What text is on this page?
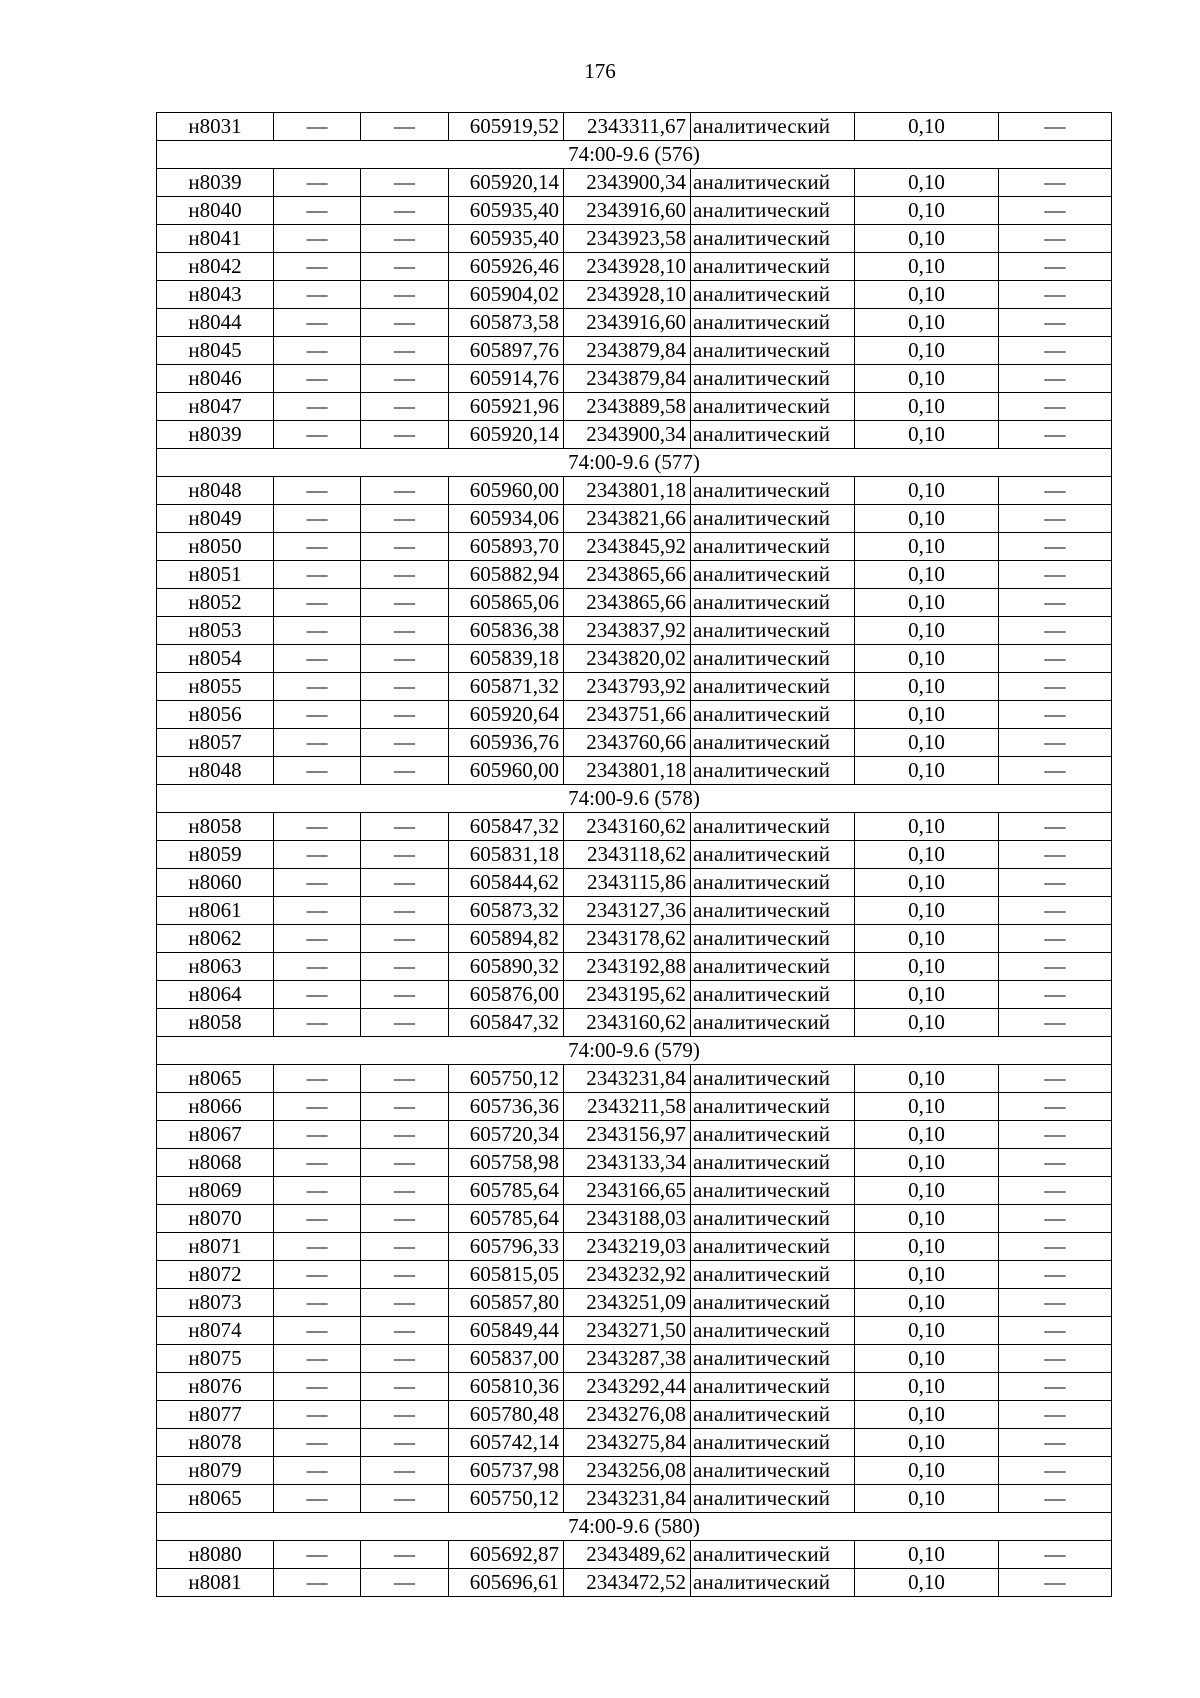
176
н8031	—	—	605919,52	2343311,67	аналитический	0,10	—
74:00-9.6 (576)							
н8039	—	—	605920,14	2343900,34	аналитический	0,10	—
н8040	—	—	605935,40	2343916,60	аналитический	0,10	—
н8041	—	—	605935,40	2343923,58	аналитический	0,10	—
н8042	—	—	605926,46	2343928,10	аналитический	0,10	—
н8043	—	—	605904,02	2343928,10	аналитический	0,10	—
н8044	—	—	605873,58	2343916,60	аналитический	0,10	—
н8045	—	—	605897,76	2343879,84	аналитический	0,10	—
н8046	—	—	605914,76	2343879,84	аналитический	0,10	—
н8047	—	—	605921,96	2343889,58	аналитический	0,10	—
н8039	—	—	605920,14	2343900,34	аналитический	0,10	—
74:00-9.6 (577)							
н8048	—	—	605960,00	2343801,18	аналитический	0,10	—
н8049	—	—	605934,06	2343821,66	аналитический	0,10	—
н8050	—	—	605893,70	2343845,92	аналитический	0,10	—
н8051	—	—	605882,94	2343865,66	аналитический	0,10	—
н8052	—	—	605865,06	2343865,66	аналитический	0,10	—
н8053	—	—	605836,38	2343837,92	аналитический	0,10	—
н8054	—	—	605839,18	2343820,02	аналитический	0,10	—
н8055	—	—	605871,32	2343793,92	аналитический	0,10	—
н8056	—	—	605920,64	2343751,66	аналитический	0,10	—
н8057	—	—	605936,76	2343760,66	аналитический	0,10	—
н8048	—	—	605960,00	2343801,18	аналитический	0,10	—
74:00-9.6 (578)							
н8058	—	—	605847,32	2343160,62	аналитический	0,10	—
н8059	—	—	605831,18	2343118,62	аналитический	0,10	—
н8060	—	—	605844,62	2343115,86	аналитический	0,10	—
н8061	—	—	605873,32	2343127,36	аналитический	0,10	—
н8062	—	—	605894,82	2343178,62	аналитический	0,10	—
н8063	—	—	605890,32	2343192,88	аналитический	0,10	—
н8064	—	—	605876,00	2343195,62	аналитический	0,10	—
н8058	—	—	605847,32	2343160,62	аналитический	0,10	—
74:00-9.6 (579)							
н8065	—	—	605750,12	2343231,84	аналитический	0,10	—
н8066	—	—	605736,36	2343211,58	аналитический	0,10	—
н8067	—	—	605720,34	2343156,97	аналитический	0,10	—
н8068	—	—	605758,98	2343133,34	аналитический	0,10	—
н8069	—	—	605785,64	2343166,65	аналитический	0,10	—
н8070	—	—	605785,64	2343188,03	аналитический	0,10	—
н8071	—	—	605796,33	2343219,03	аналитический	0,10	—
н8072	—	—	605815,05	2343232,92	аналитический	0,10	—
н8073	—	—	605857,80	2343251,09	аналитический	0,10	—
н8074	—	—	605849,44	2343271,50	аналитический	0,10	—
н8075	—	—	605837,00	2343287,38	аналитический	0,10	—
н8076	—	—	605810,36	2343292,44	аналитический	0,10	—
н8077	—	—	605780,48	2343276,08	аналитический	0,10	—
н8078	—	—	605742,14	2343275,84	аналитический	0,10	—
н8079	—	—	605737,98	2343256,08	аналитический	0,10	—
н8065	—	—	605750,12	2343231,84	аналитический	0,10	—
74:00-9.6 (580)							
н8080	—	—	605692,87	2343489,62	аналитический	0,10	—
н8081	—	—	605696,61	2343472,52	аналитический	0,10	—
